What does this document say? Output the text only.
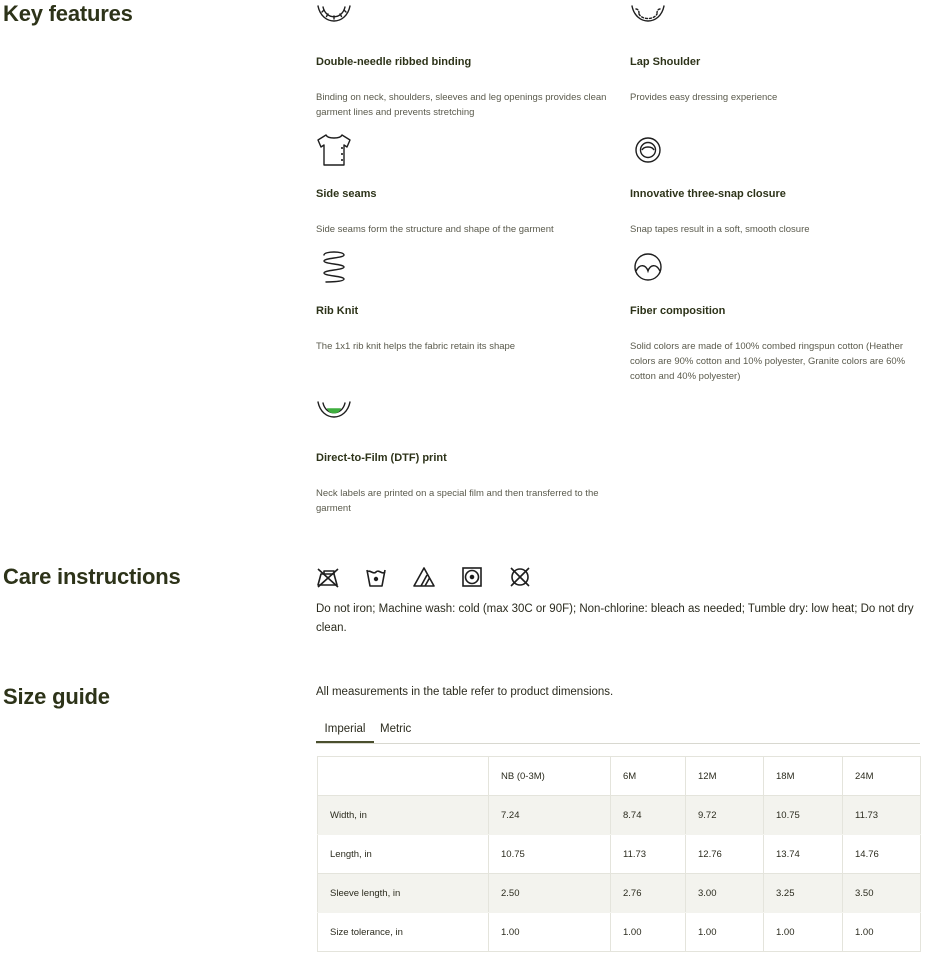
Key features
Care instructions
Size guide

Double-needle ribbed binding

Binding on neck, shoulders, sleeves and leg openings provides clean garment lines and prevents stretching

Lap Shoulder

Provides easy dressing experience

Side seams

Side seams form the structure and shape of the garment

Innovative three-snap closure

Snap tapes result in a soft, smooth closure

Rib Knit

The 1x1 rib knit helps the fabric retain its shape

Fiber composition

Solid colors are made of 100% combed ringspun cotton (Heather colors are 90% cotton and 10% polyester, Granite colors are 60% cotton and 40% polyester)

Direct-to-Film (DTF) print

Neck labels are printed on a special film and then transferred to the garment

Do not iron; Machine wash: cold (max 30C or 90F); Non-chlorine: bleach as needed; Tumble dry: low heat; Do not dry clean.

All measurements in the table refer to product dimensions.

Imperial	Metric
	NB (0-3M)	6M	12M	18M	24M
Width, in	7.24	8.74	9.72	10.75	11.73
Length, in	10.75	11.73	12.76	13.74	14.76
Sleeve length, in	2.50	2.76	3.00	3.25	3.50
Size tolerance, in	1.00	1.00	1.00	1.00	1.00
